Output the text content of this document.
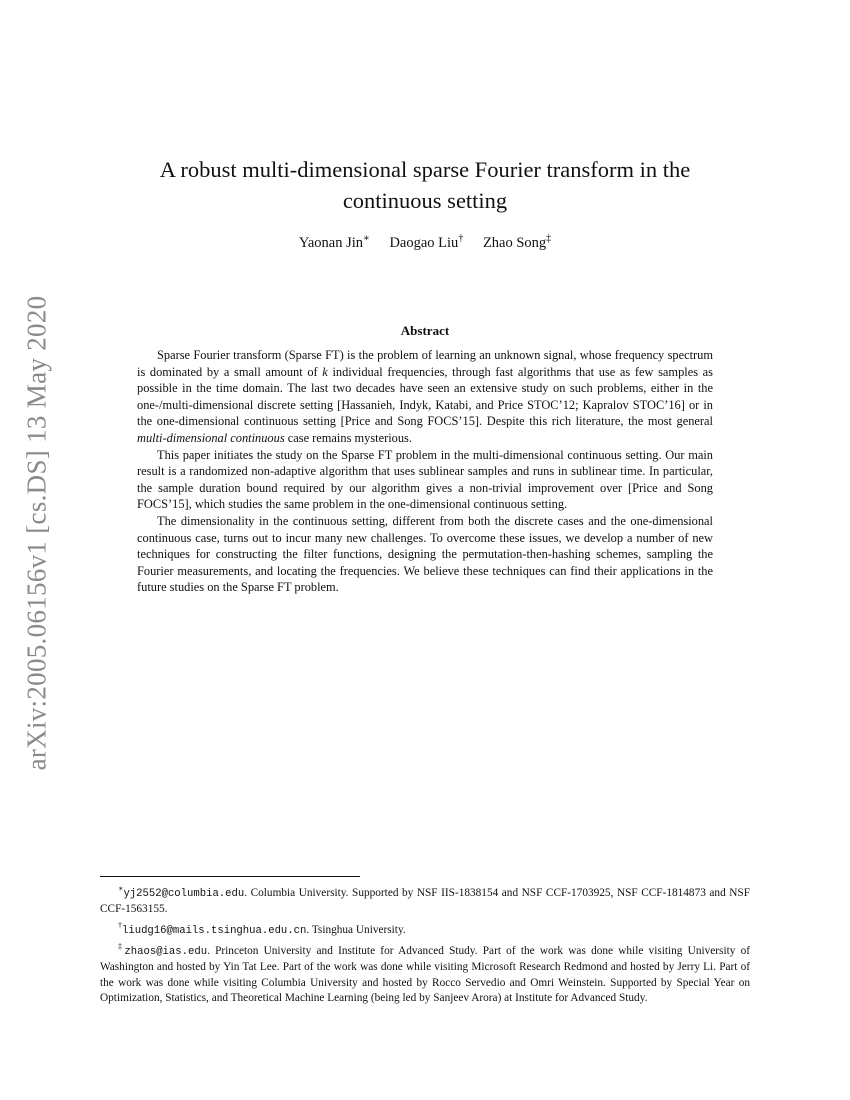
arXiv:2005.06156v1 [cs.DS] 13 May 2020
A robust multi-dimensional sparse Fourier transform in the continuous setting
Yaonan Jin∗ Daogao Liu† Zhao Song‡
Abstract

Sparse Fourier transform (Sparse FT) is the problem of learning an unknown signal, whose frequency spectrum is dominated by a small amount of k individual frequencies, through fast algorithms that use as few samples as possible in the time domain. The last two decades have seen an extensive study on such problems, either in the one-/multi-dimensional discrete setting [Hassanieh, Indyk, Katabi, and Price STOC’12; Kapralov STOC’16] or in the one-dimensional continuous setting [Price and Song FOCS’15]. Despite this rich literature, the most general multi-dimensional continuous case remains mysterious.

This paper initiates the study on the Sparse FT problem in the multi-dimensional continuous setting. Our main result is a randomized non-adaptive algorithm that uses sublinear samples and runs in sublinear time. In particular, the sample duration bound required by our algorithm gives a non-trivial improvement over [Price and Song FOCS’15], which studies the same problem in the one-dimensional continuous setting.

The dimensionality in the continuous setting, different from both the discrete cases and the one-dimensional continuous case, turns out to incur many new challenges. To overcome these issues, we develop a number of new techniques for constructing the filter functions, designing the permutation-then-hashing schemes, sampling the Fourier measurements, and locating the frequencies. We believe these techniques can find their applications in the future studies on the Sparse FT problem.

∗yj2552@columbia.edu. Columbia University. Supported by NSF IIS-1838154 and NSF CCF-1703925, NSF CCF-1814873 and NSF CCF-1563155.

†liudg16@mails.tsinghua.edu.cn. Tsinghua University.

‡zhaos@ias.edu. Princeton University and Institute for Advanced Study. Part of the work was done while visiting University of Washington and hosted by Yin Tat Lee. Part of the work was done while visiting Microsoft Research Redmond and hosted by Jerry Li. Part of the work was done while visiting Columbia University and hosted by Rocco Servedio and Omri Weinstein. Supported by Special Year on Optimization, Statistics, and Theoretical Machine Learning (being led by Sanjeev Arora) at Institute for Advanced Study.
